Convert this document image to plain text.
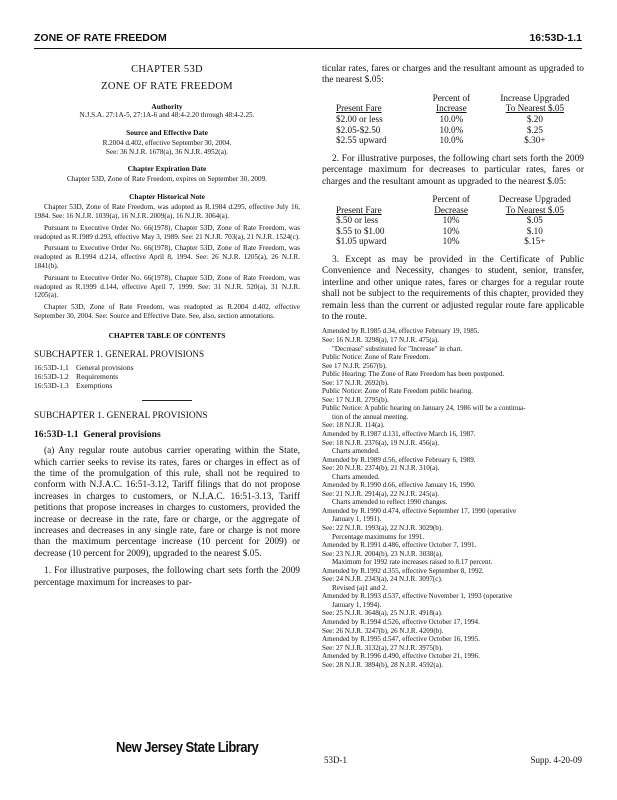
ZONE OF RATE FREEDOM	16:53D-1.1
CHAPTER 53D
ZONE OF RATE FREEDOM
Authority
N.J.S.A. 27:1A-5, 27:1A-6 and 48:4-2.20 through 48:4-2.25.
Source and Effective Date
R.2004 d.402, effective September 30, 2004.
See: 36 N.J.R. 1678(a), 36 N.J.R. 4952(a).
Chapter Expiration Date
Chapter 53D, Zone of Rate Freedom, expires on September 30, 2009.
Chapter Historical Note
Chapter 53D, Zone of Rate Freedom, was adopted as R.1984 d.295, effective July 16, 1984. See: 16 N.J.R. 1039(a), 16 N.J.R. 2009(a), 16 N.J.R. 3064(a).
Pursuant to Executive Order No. 66(1978), Chapter 53D, Zone of Rate Freedom, was readopted as R.1989 d.293, effective May 3, 1989. See: 21 N.J.R. 703(a), 21 N.J.R. 1524(c).
Pursuant to Executive Order No. 66(1978), Chapter 53D, Zone of Rate Freedom, was readopted as R.1994 d.214, effective April 8, 1994. See: 26 N.J.R. 1205(a), 26 N.J.R. 1841(b).
Pursuant to Executive Order No. 66(1978), Chapter 53D, Zone of Rate Freedom, was readopted as R.1999 d.144, effective April 7, 1999. See: 31 N.J.R. 520(a), 31 N.J.R. 1205(a).
Chapter 53D, Zone of Rate Freedom, was readopted as R.2004 d.402, effective September 30, 2004. See: Source and Effective Date. See, also, section annotations.
CHAPTER TABLE OF CONTENTS
SUBCHAPTER 1. GENERAL PROVISIONS
16:53D-1.1 General provisions
16:53D-1.2 Requirements
16:53D-1.3 Exemptions
SUBCHAPTER 1. GENERAL PROVISIONS
16:53D-1.1 General provisions
(a) Any regular route autobus carrier operating within the State, which carrier seeks to revise its rates, fares or charges in effect as of the time of the promulgation of this rule, shall not be required to conform with N.J.A.C. 16:51-3.12, Tariff filings that do not propose increases in charges to customers, or N.J.A.C. 16:51-3.13, Tariff petitions that propose increases in charges to customers, provided the increase or decrease in the rate, fare or charge, or the aggregate of increases and decreases in any single rate, fare or charge is not more than the maximum percentage increase (10 percent for 2009) or decrease (10 percent for 2009), upgraded to the nearest $.05.
1. For illustrative purposes, the following chart sets forth the 2009 percentage maximum for increases to par-
ticular rates, fares or charges and the resultant amount as upgraded to the nearest $.05:
	Percent of	Increase Upgraded
Present Fare	Increase	To Nearest $.05
$2.00 or less	10.0%	$.20
$2.05-$2.50	10.0%	$.25
$2.55 upward	10.0%	$.30+
2. For illustrative purposes, the following chart sets forth the 2009 percentage maximum for decreases to particular rates, fares or charges and the resultant amount as upgraded to the nearest $.05:
	Percent of	Decrease Upgraded
Present Fare	Decrease	To Nearest $.05
$.50 or less	10%	$.05
$.55 to $1.00	10%	$.10
$1.05 upward	10%	$.15+
3. Except as may be provided in the Certificate of Public Convenience and Necessity, changes to student, senior, transfer, interline and other unique rates, fares or charges for a regular route shall not be subject to the requirements of this chapter, provided they remain less than the current or adjusted regular route fare applicable to the route.
Amended by R.1985 d.34, effective February 19, 1985.
See: 16 N.J.R. 3298(a), 17 N.J.R. 475(a).
"Decrease" substituted for "Increase" in chart.
Public Notice: Zone of Rate Freedom.
See 17 N.J.R. 2567(b).
Public Hearing: The Zone of Rate Freedom has been postponed.
See: 17 N.J.R. 2692(b).
Public Notice: Zone of Rate Freedom public hearing.
See: 17 N.J.R. 2795(b).
Public Notice: A public hearing on January 24, 1986 will be a continua-
tion of the annual meeting.
See: 18 N.J.R. 114(a).
Amended by R.1987 d.131, effective March 16, 1987.
See: 18 N.J.R. 2376(a), 19 N.J.R. 456(a).
Charts amended.
Amended by R.1989 d.56, effective February 6, 1989.
See: 20 N.J.R. 2374(b), 21 N.J.R. 310(a).
Charts amended.
Amended by R.1990 d.66, effective January 16, 1990.
See: 21 N.J.R. 2914(a), 22 N.J.R. 245(a).
Charts amended to reflect 1990 changes.
Amended by R.1990 d.474, effective September 17, 1990 (operative
January 1, 1991).
See: 22 N.J.R. 1993(a), 22 N.J.R. 3029(b).
Percentage maximums for 1991.
Amended by R.1991 d.486, effective October 7, 1991.
See: 23 N.J.R. 2004(b), 23 N.J.R. 3038(a).
Maximum for 1992 rate increases raised to 8.17 percent.
Amended by R.1992 d.355, effective September 8, 1992.
See: 24 N.J.R. 2343(a), 24 N.J.R. 3097(c).
Revised (a)1 and 2.
Amended by R.1993 d.537, effective November 1, 1993 (operative
January 1, 1994).
See: 25 N.J.R. 3648(a), 25 N.J.R. 4918(a).
Amended by R.1994 d.526, effective October 17, 1994.
See: 26 N.J.R. 3247(b), 26 N.J.R. 4209(b).
Amended by R.1995 d.547, effective October 16, 1995.
See: 27 N.J.R. 3132(a), 27 N.J.R. 3975(b).
Amended by R.1996 d.490, effective October 21, 1996.
See: 28 N.J.R. 3894(b), 28 N.J.R. 4592(a).
New Jersey State Library
53D-1	Supp. 4-20-09
